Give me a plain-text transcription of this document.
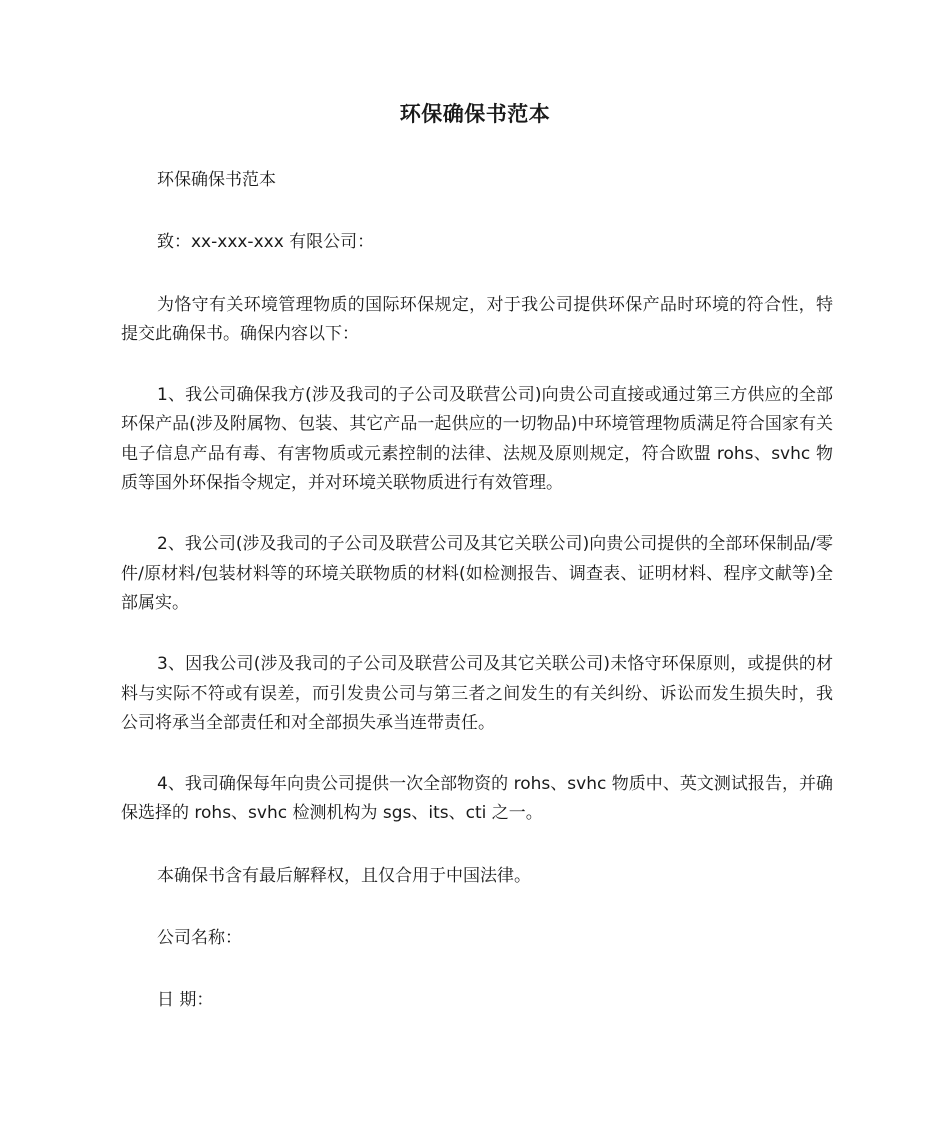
环保确保书范本

环保确保书范本

致：xx-xxx-xxx 有限公司：

为恪守有关环境管理物质的国际环保规定，对于我公司提供环保产品时环境的符合性，特提交此确保书。确保内容以下：

1、我公司确保我方(涉及我司的子公司及联营公司)向贵公司直接或通过第三方供应的全部环保产品(涉及附属物、包装、其它产品一起供应的一切物品)中环境管理物质满足符合国家有关电子信息产品有毒、有害物质或元素控制的法律、法规及原则规定，符合欧盟 rohs、svhc 物质等国外环保指令规定，并对环境关联物质进行有效管理。

2、我公司(涉及我司的子公司及联营公司及其它关联公司)向贵公司提供的全部环保制品/零件/原材料/包装材料等的环境关联物质的材料(如检测报告、调查表、证明材料、程序文献等)全部属实。

3、因我公司(涉及我司的子公司及联营公司及其它关联公司)未恪守环保原则，或提供的材料与实际不符或有误差，而引发贵公司与第三者之间发生的有关纠纷、诉讼而发生损失时，我公司将承当全部责任和对全部损失承当连带责任。

4、我司确保每年向贵公司提供一次全部物资的 rohs、svhc 物质中、英文测试报告，并确保选择的 rohs、svhc 检测机构为 sgs、its、cti 之一。

本确保书含有最后解释权，且仅合用于中国法律。

公司名称：

日 期：
